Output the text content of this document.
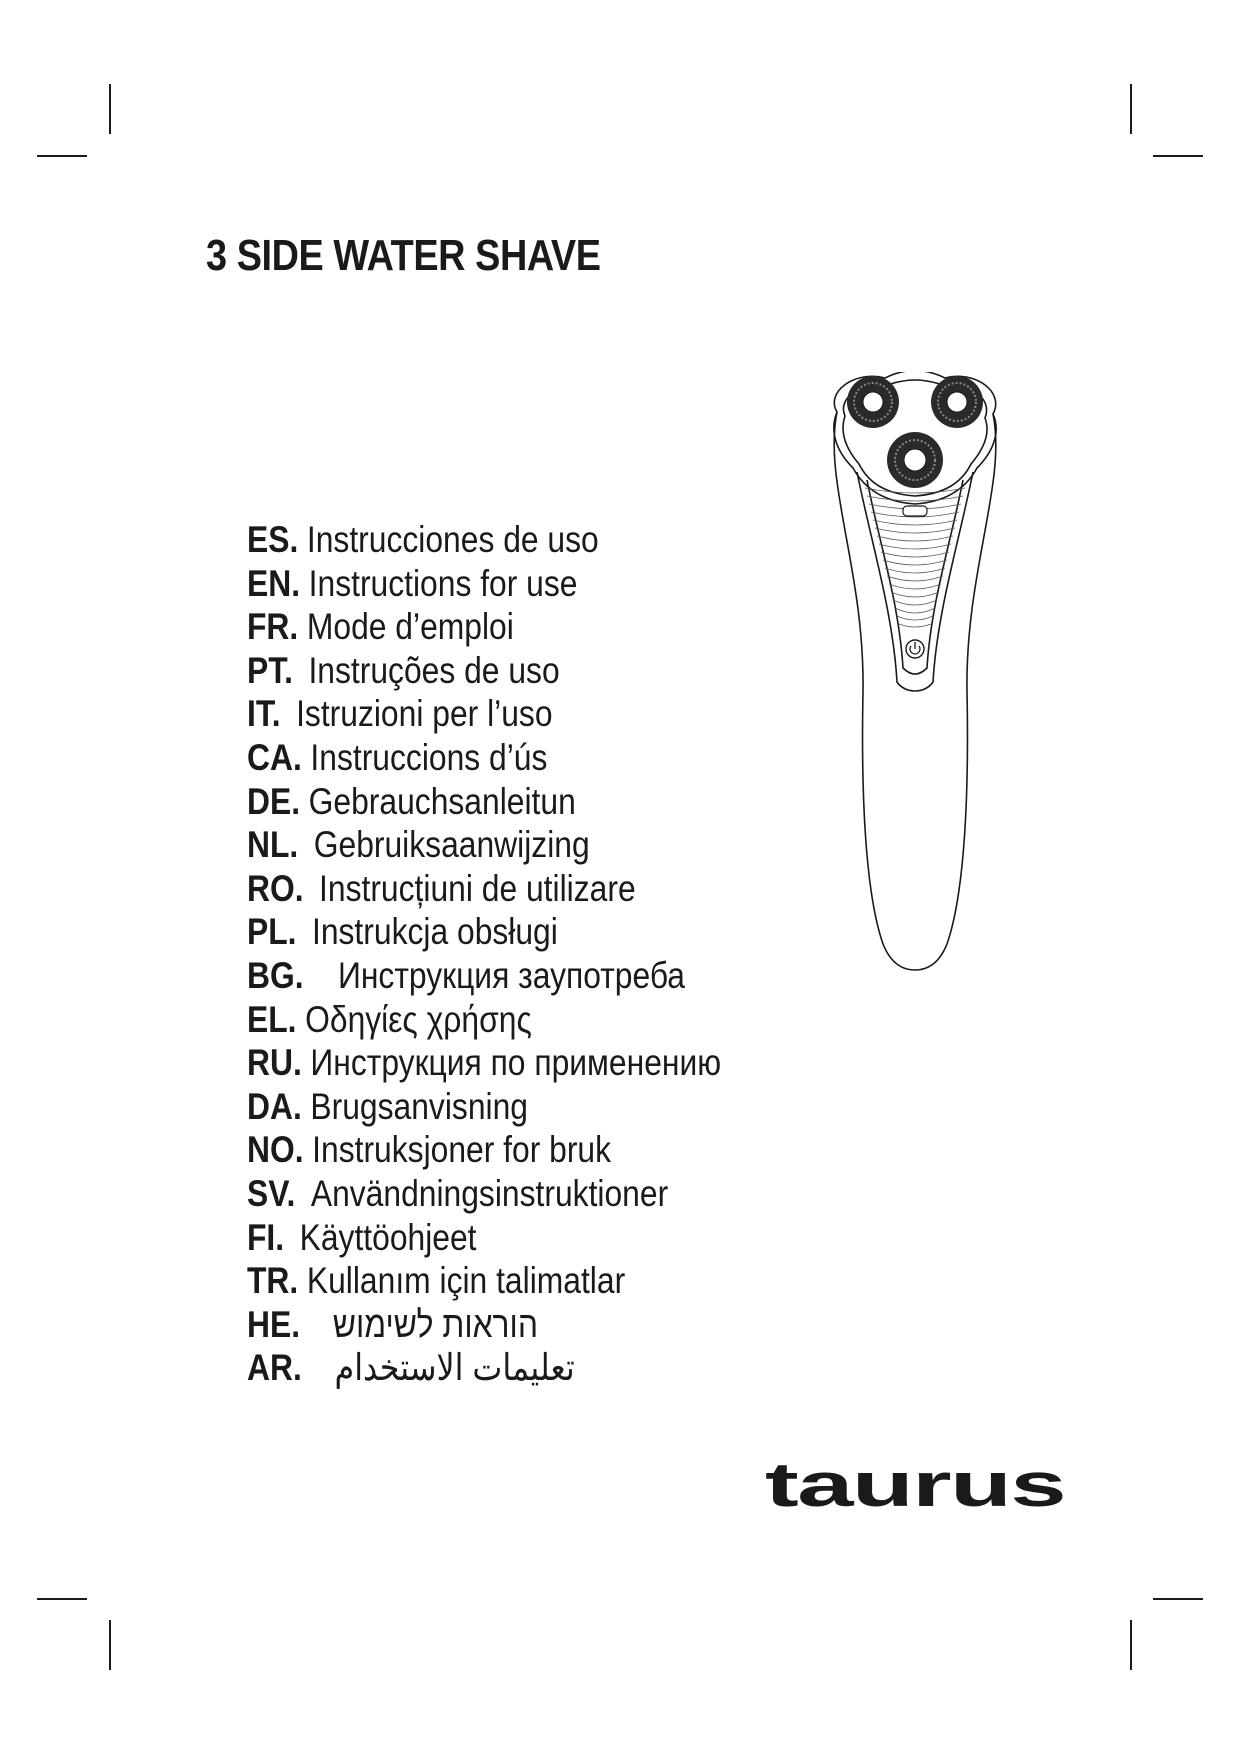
3 SIDE WATER SHAVE
ES. Instrucciones de uso
EN. Instructions for use
FR. Mode d’emploi
PT. Instruções de uso
IT. Istruzioni per l’uso
CA. Instruccions d’ús
DE. Gebrauchsanleitun
NL. Gebruiksaanwijzing
RO. Instrucțiuni de utilizare
PL. Instrukcja obsługi
BG. Инструкция заупотреба
EL. Οδηγίες χρήσης
RU. Инструкция по применению
DA. Brugsanvisning
NO. Instruksjoner for bruk
SV. Användningsinstruktioner
FI. Käyttöohjeet
TR. Kullanım için talimatlar
HE. הוראות לשימוש
AR. تعليمات الاستخدام
taurus
